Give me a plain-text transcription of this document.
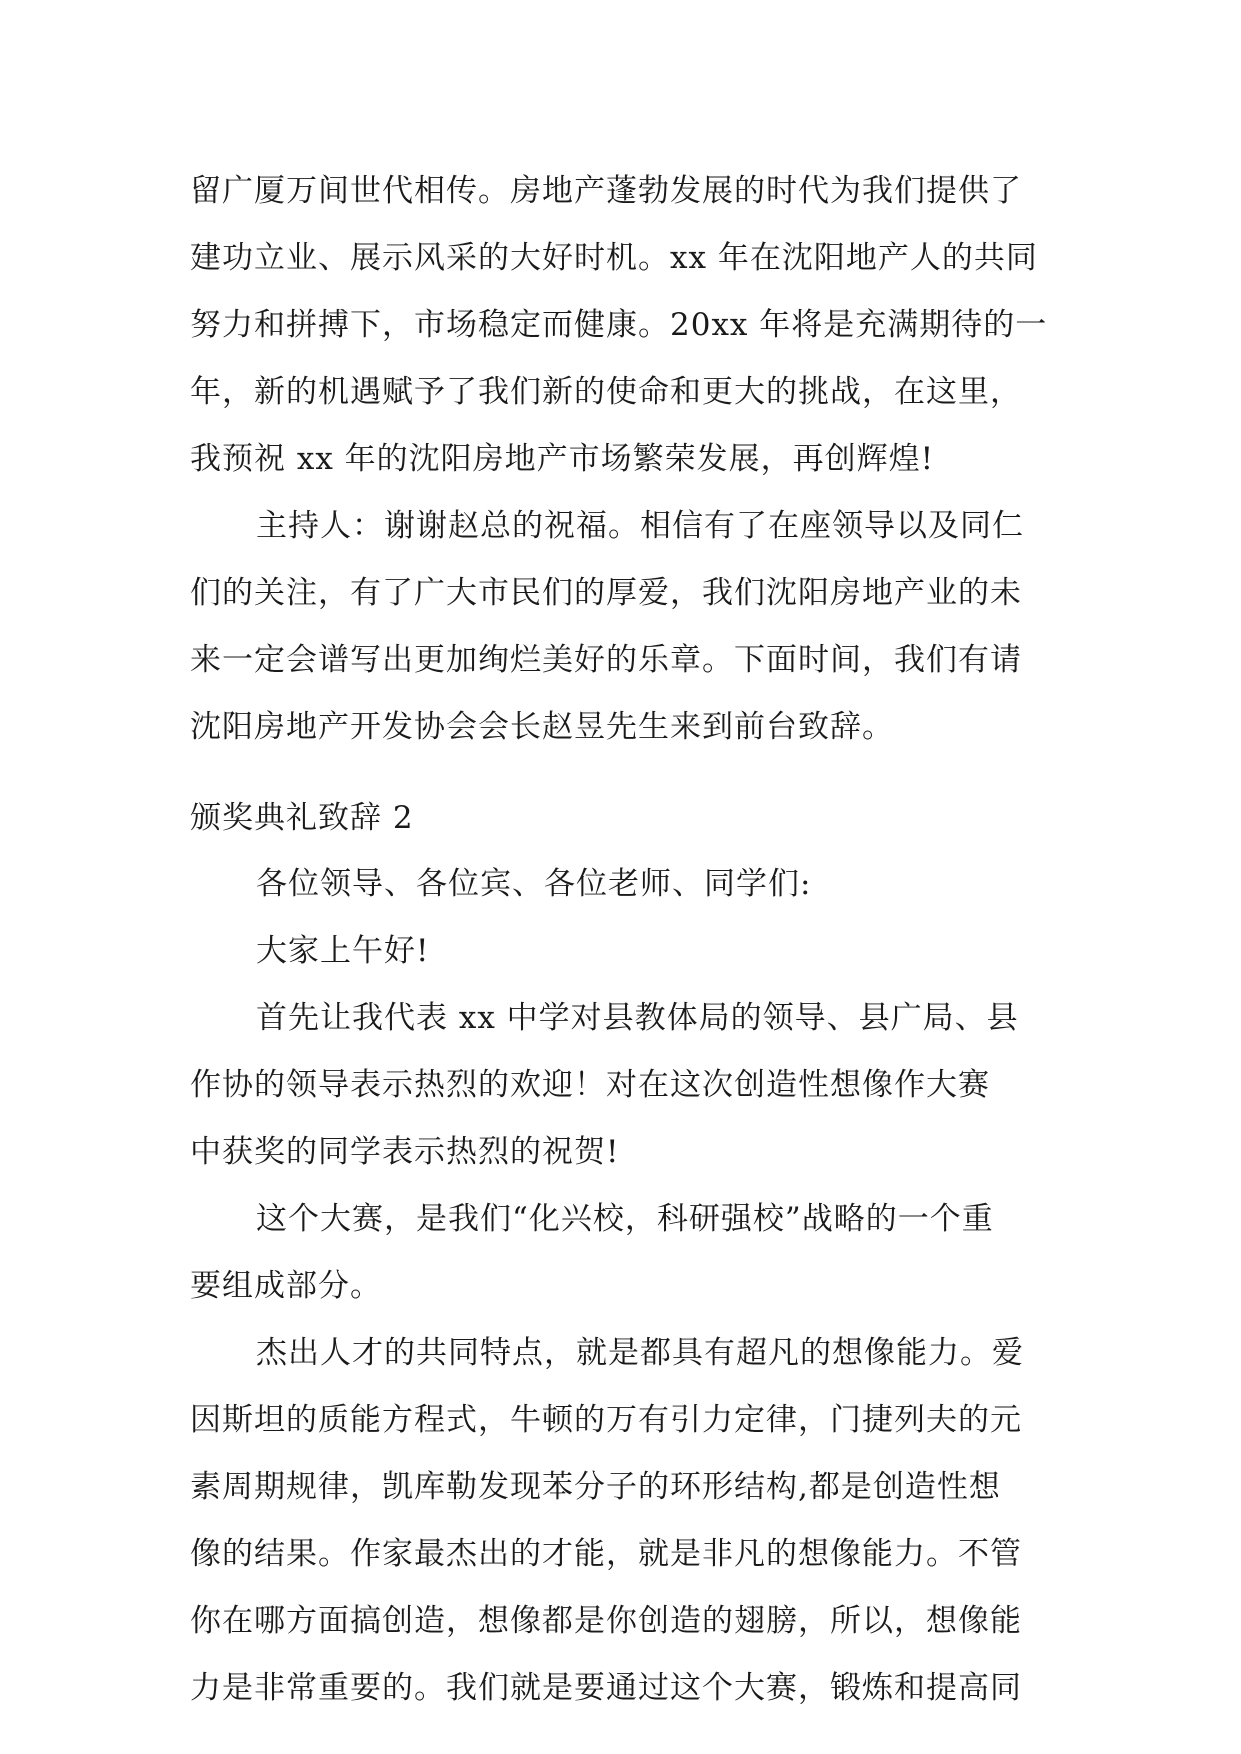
留广厦万间世代相传。房地产蓬勃发展的时代为我们提供了
建功立业、展示风采的大好时机。xx 年在沈阳地产人的共同
努力和拼搏下，市场稳定而健康。20xx 年将是充满期待的一
年，新的机遇赋予了我们新的使命和更大的挑战，在这里，
我预祝 xx 年的沈阳房地产市场繁荣发展，再创辉煌!
主持人：谢谢赵总的祝福。相信有了在座领导以及同仁
们的关注，有了广大市民们的厚爱，我们沈阳房地产业的未
来一定会谱写出更加绚烂美好的乐章。下面时间，我们有请
沈阳房地产开发协会会长赵昱先生来到前台致辞。
颁奖典礼致辞 2
各位领导、各位宾、各位老师、同学们:
大家上午好!
首先让我代表 xx 中学对县教体局的领导、县广局、县
作协的领导表示热烈的欢迎！对在这次创造性想像作大赛
中获奖的同学表示热烈的祝贺!
这个大赛，是我们“化兴校，科研强校”战略的一个重
要组成部分。
杰出人才的共同特点，就是都具有超凡的想像能力。爱
因斯坦的质能方程式，牛顿的万有引力定律，门捷列夫的元
素周期规律，凯库勒发现苯分子的环形结构,都是创造性想
像的结果。作家最杰出的才能，就是非凡的想像能力。不管
你在哪方面搞创造，想像都是你创造的翅膀，所以，想像能
力是非常重要的。我们就是要通过这个大赛，锻炼和提高同
